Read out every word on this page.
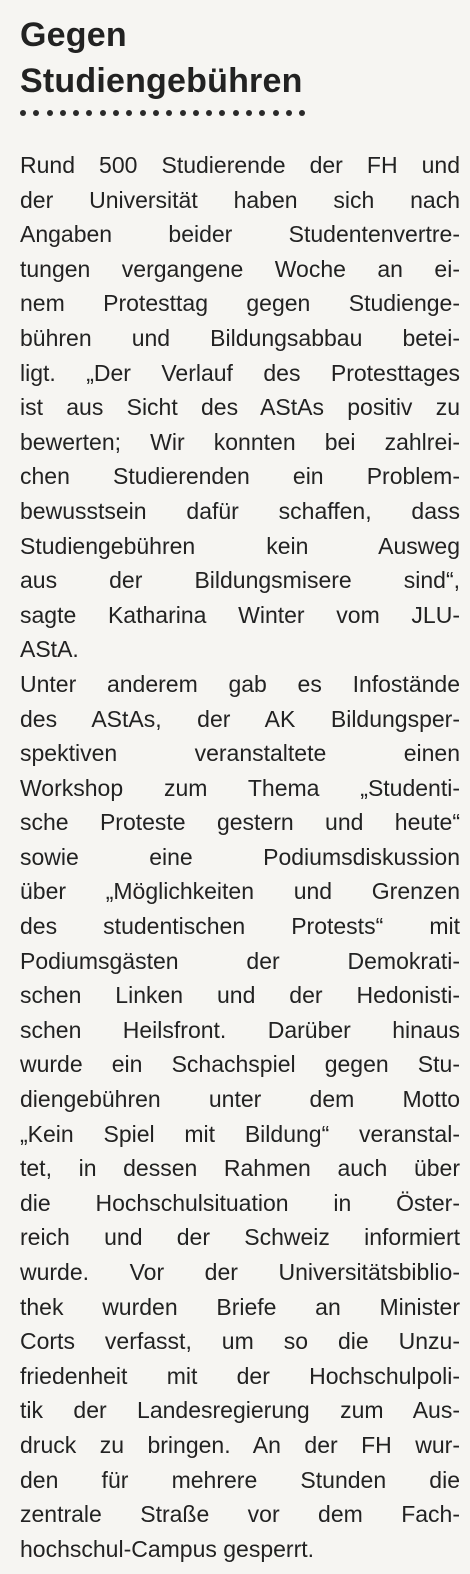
Gegen
Studiengebühren
Rund 500 Studierende der FH und
der Universität haben sich nach
Angaben beider Studentenvertre-
tungen vergangene Woche an ei-
nem Protesttag gegen Studienge-
bühren und Bildungsabbau betei-
ligt. „Der Verlauf des Protesttages
ist aus Sicht des AStAs positiv zu
bewerten; Wir konnten bei zahlrei-
chen Studierenden ein Problem-
bewusstsein dafür schaffen, dass
Studiengebühren kein Ausweg
aus der Bildungsmisere sind“,
sagte Katharina Winter vom JLU-
AStA.
Unter anderem gab es Infostände
des AStAs, der AK Bildungsper-
spektiven veranstaltete einen
Workshop zum Thema „Studenti-
sche Proteste gestern und heute“
sowie eine Podiumsdiskussion
über „Möglichkeiten und Grenzen
des studentischen Protests“ mit
Podiumsgästen der Demokrati-
schen Linken und der Hedonisti-
schen Heilsfront. Darüber hinaus
wurde ein Schachspiel gegen Stu-
diengebühren unter dem Motto
„Kein Spiel mit Bildung“ veranstal-
tet, in dessen Rahmen auch über
die Hochschulsituation in Öster-
reich und der Schweiz informiert
wurde. Vor der Universitätsbiblio-
thek wurden Briefe an Minister
Corts verfasst, um so die Unzu-
friedenheit mit der Hochschulpoli-
tik der Landesregierung zum Aus-
druck zu bringen. An der FH wur-
den für mehrere Stunden die
zentrale Straße vor dem Fach-
hochschul-Campus gesperrt.
